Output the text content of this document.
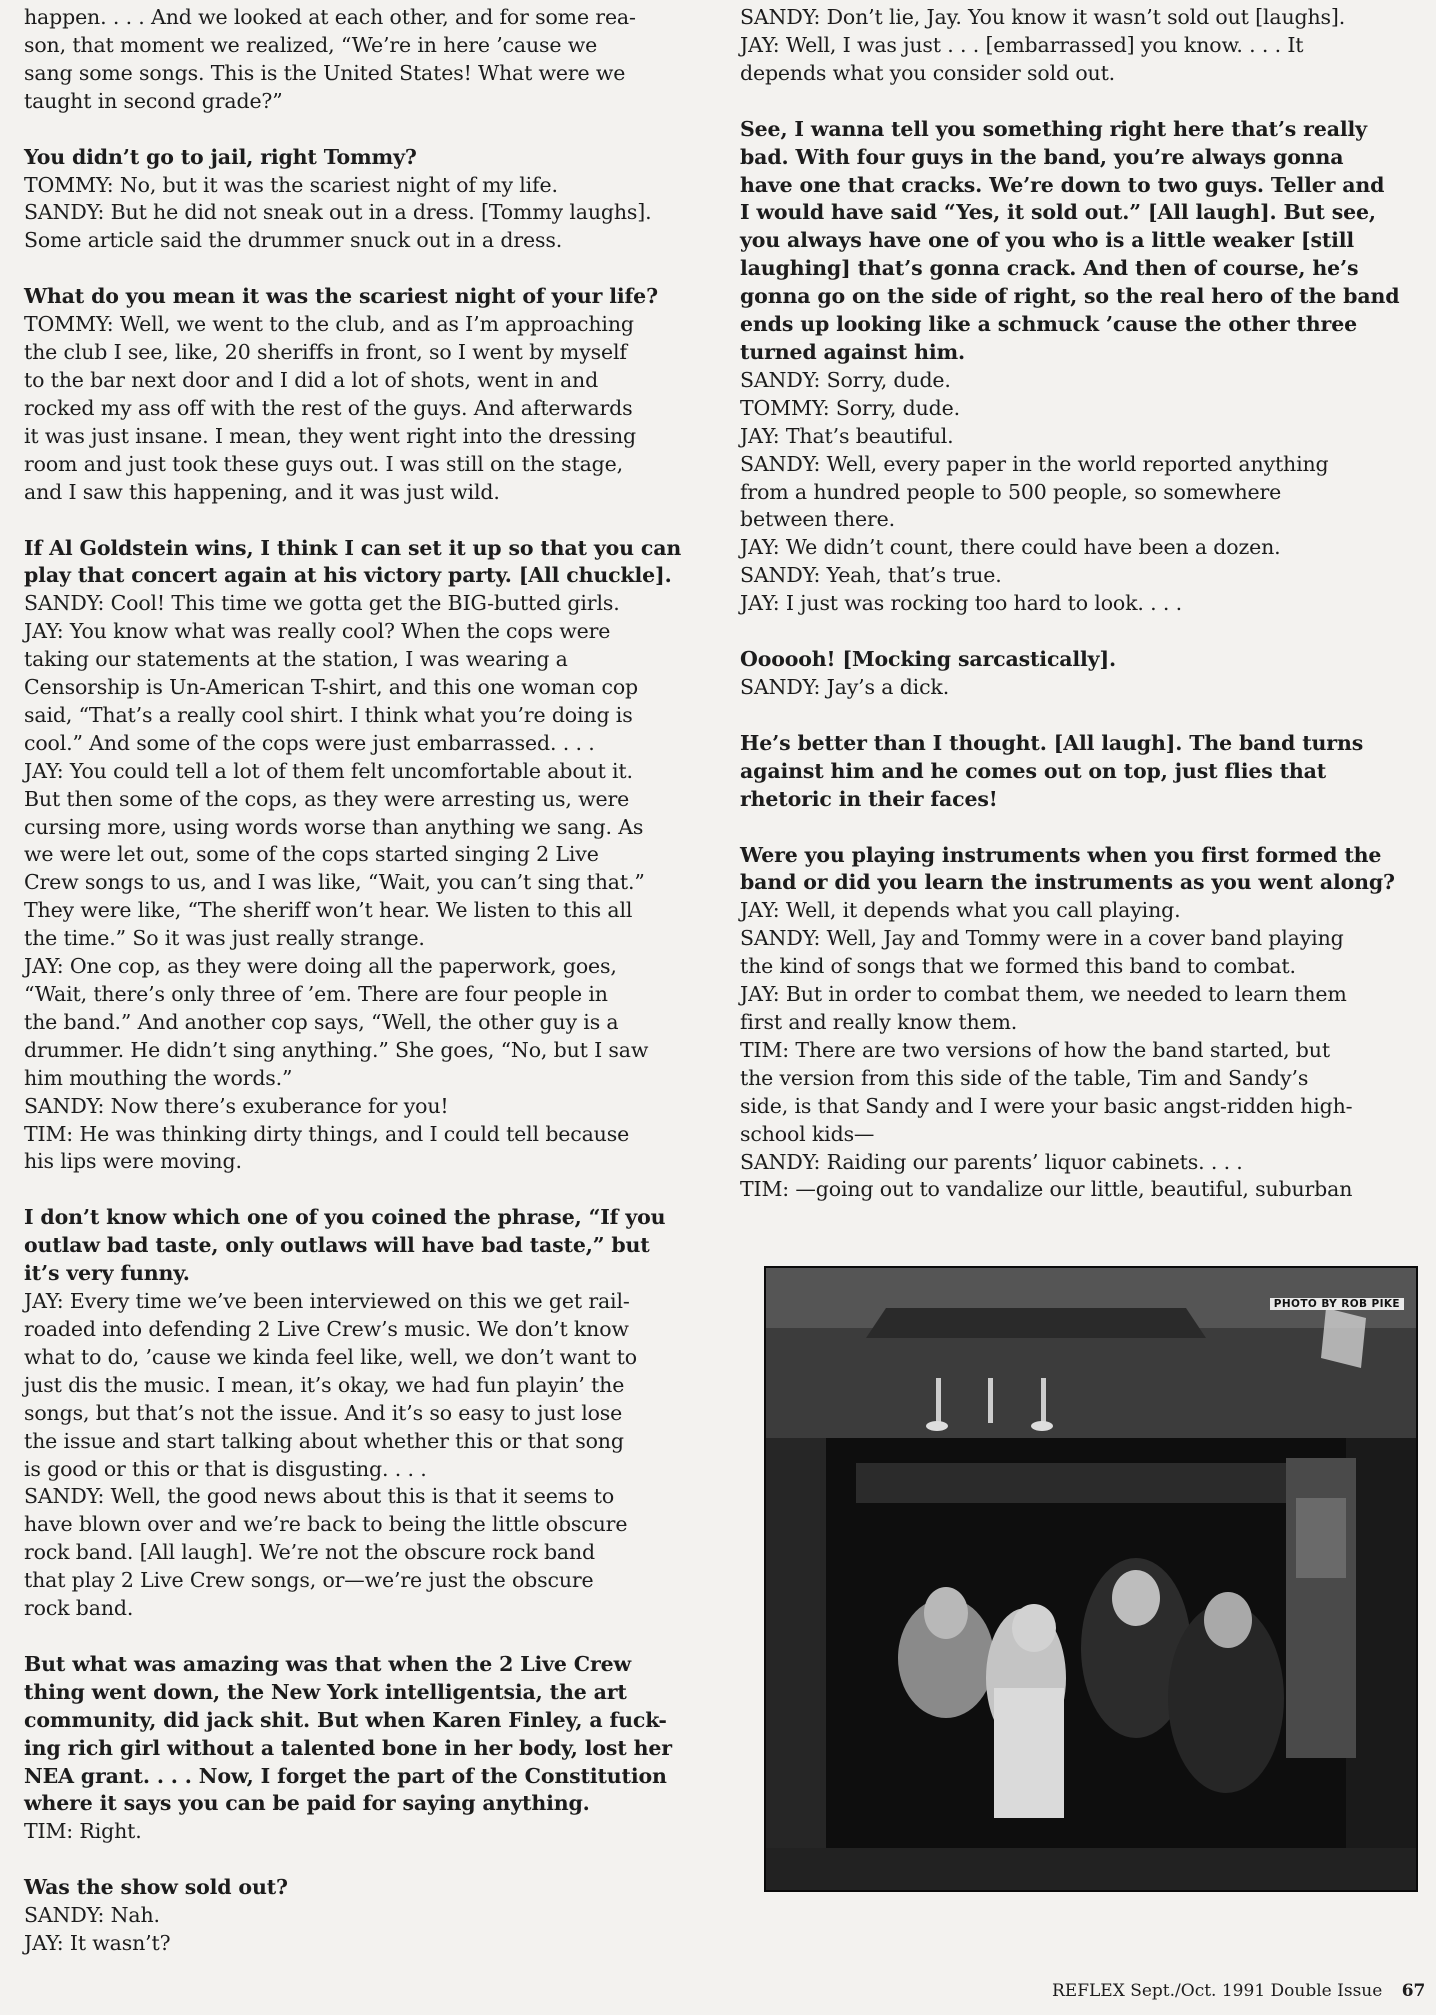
happen. . . . And we looked at each other, and for some rea-
son, that moment we realized, “We’re in here ’cause we
sang some songs. This is the United States! What were we
taught in second grade?”
You didn’t go to jail, right Tommy?
TOMMY: No, but it was the scariest night of my life.
SANDY: But he did not sneak out in a dress. [Tommy laughs].
Some article said the drummer snuck out in a dress.
What do you mean it was the scariest night of your life?
TOMMY: Well, we went to the club, and as I’m approaching
the club I see, like, 20 sheriffs in front, so I went by myself
to the bar next door and I did a lot of shots, went in and
rocked my ass off with the rest of the guys. And afterwards
it was just insane. I mean, they went right into the dressing
room and just took these guys out. I was still on the stage,
and I saw this happening, and it was just wild.
If Al Goldstein wins, I think I can set it up so that you can
play that concert again at his victory party. [All chuckle].
SANDY: Cool! This time we gotta get the BIG-butted girls.
JAY: You know what was really cool? When the cops were
taking our statements at the station, I was wearing a
Censorship is Un-American T-shirt, and this one woman cop
said, “That’s a really cool shirt. I think what you’re doing is
cool.” And some of the cops were just embarrassed. . . .
JAY: You could tell a lot of them felt uncomfortable about it.
But then some of the cops, as they were arresting us, were
cursing more, using words worse than anything we sang. As
we were let out, some of the cops started singing 2 Live
Crew songs to us, and I was like, “Wait, you can’t sing that.”
They were like, “The sheriff won’t hear. We listen to this all
the time.” So it was just really strange.
JAY: One cop, as they were doing all the paperwork, goes,
“Wait, there’s only three of ’em. There are four people in
the band.” And another cop says, “Well, the other guy is a
drummer. He didn’t sing anything.” She goes, “No, but I saw
him mouthing the words.”
SANDY: Now there’s exuberance for you!
TIM: He was thinking dirty things, and I could tell because
his lips were moving.
I don’t know which one of you coined the phrase, “If you
outlaw bad taste, only outlaws will have bad taste,” but
it’s very funny.
JAY: Every time we’ve been interviewed on this we get rail-
roaded into defending 2 Live Crew’s music. We don’t know
what to do, ’cause we kinda feel like, well, we don’t want to
just dis the music. I mean, it’s okay, we had fun playin’ the
songs, but that’s not the issue. And it’s so easy to just lose
the issue and start talking about whether this or that song
is good or this or that is disgusting. . . .
SANDY: Well, the good news about this is that it seems to
have blown over and we’re back to being the little obscure
rock band. [All laugh]. We’re not the obscure rock band
that play 2 Live Crew songs, or—we’re just the obscure
rock band.
But what was amazing was that when the 2 Live Crew
thing went down, the New York intelligentsia, the art
community, did jack shit. But when Karen Finley, a fuck-
ing rich girl without a talented bone in her body, lost her
NEA grant. . . . Now, I forget the part of the Constitution
where it says you can be paid for saying anything.
TIM: Right.
Was the show sold out?
SANDY: Nah.
JAY: It wasn’t?
SANDY: Don’t lie, Jay. You know it wasn’t sold out [laughs].
JAY: Well, I was just . . . [embarrassed] you know. . . . It
depends what you consider sold out.
See, I wanna tell you something right here that’s really
bad. With four guys in the band, you’re always gonna
have one that cracks. We’re down to two guys. Teller and
I would have said “Yes, it sold out.” [All laugh]. But see,
you always have one of you who is a little weaker [still
laughing] that’s gonna crack. And then of course, he’s
gonna go on the side of right, so the real hero of the band
ends up looking like a schmuck ’cause the other three
turned against him.
SANDY: Sorry, dude.
TOMMY: Sorry, dude.
JAY: That’s beautiful.
SANDY: Well, every paper in the world reported anything
from a hundred people to 500 people, so somewhere
between there.
JAY: We didn’t count, there could have been a dozen.
SANDY: Yeah, that’s true.
JAY: I just was rocking too hard to look. . . .
Oooooh! [Mocking sarcastically].
SANDY: Jay’s a dick.
He’s better than I thought. [All laugh]. The band turns
against him and he comes out on top, just flies that
rhetoric in their faces!
Were you playing instruments when you first formed the
band or did you learn the instruments as you went along?
JAY: Well, it depends what you call playing.
SANDY: Well, Jay and Tommy were in a cover band playing
the kind of songs that we formed this band to combat.
JAY: But in order to combat them, we needed to learn them
first and really know them.
TIM: There are two versions of how the band started, but
the version from this side of the table, Tim and Sandy’s
side, is that Sandy and I were your basic angst-ridden high-
school kids—
SANDY: Raiding our parents’ liquor cabinets. . . .
TIM: —going out to vandalize our little, beautiful, suburban
PHOTO BY ROB PIKE
REFLEX Sept./Oct. 1991 Double Issue 67
